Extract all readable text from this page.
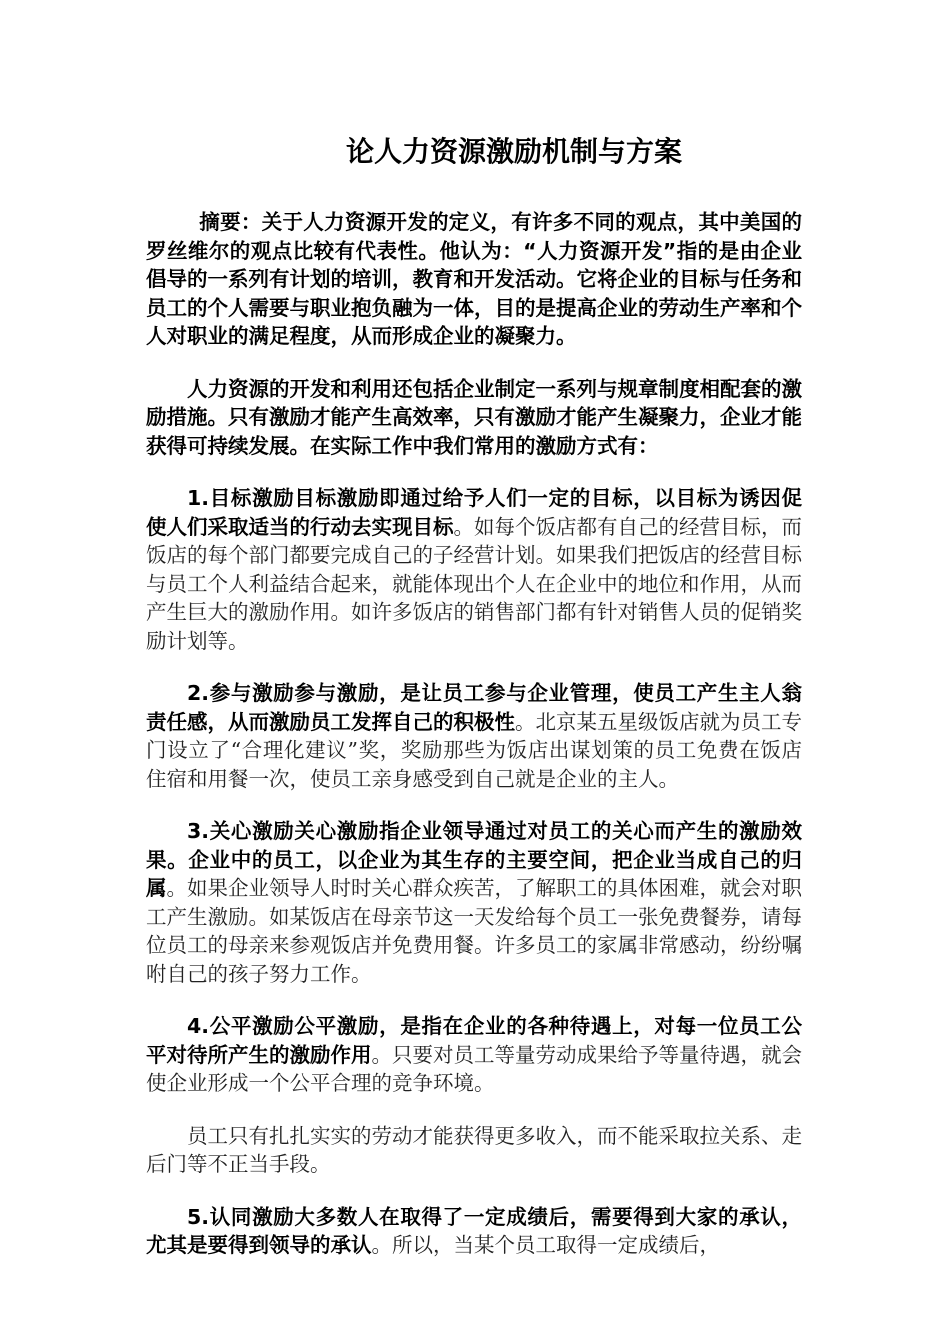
论人力资源激励机制与方案

摘要：关于人力资源开发的定义，有许多不同的观点，其中美国的罗丝维尔的观点比较有代表性。他认为：“人力资源开发”指的是由企业倡导的一系列有计划的培训，教育和开发活动。它将企业的目标与任务和员工的个人需要与职业抱负融为一体，目的是提高企业的劳动生产率和个人对职业的满足程度，从而形成企业的凝聚力。

人力资源的开发和利用还包括企业制定一系列与规章制度相配套的激励措施。只有激励才能产生高效率，只有激励才能产生凝聚力，企业才能获得可持续发展。在实际工作中我们常用的激励方式有：

1.目标激励目标激励即通过给予人们一定的目标，以目标为诱因促使人们采取适当的行动去实现目标。如每个饭店都有自己的经营目标，而饭店的每个部门都要完成自己的子经营计划。如果我们把饭店的经营目标与员工个人利益结合起来，就能体现出个人在企业中的地位和作用，从而产生巨大的激励作用。如许多饭店的销售部门都有针对销售人员的促销奖励计划等。

2.参与激励参与激励，是让员工参与企业管理，使员工产生主人翁责任感，从而激励员工发挥自己的积极性。北京某五星级饭店就为员工专门设立了“合理化建议”奖，奖励那些为饭店出谋划策的员工免费在饭店住宿和用餐一次，使员工亲身感受到自己就是企业的主人。

3.关心激励关心激励指企业领导通过对员工的关心而产生的激励效果。企业中的员工，以企业为其生存的主要空间，把企业当成自己的归属。如果企业领导人时时关心群众疾苦，了解职工的具体困难，就会对职工产生激励。如某饭店在母亲节这一天发给每个员工一张免费餐券，请每位员工的母亲来参观饭店并免费用餐。许多员工的家属非常感动，纷纷嘱咐自己的孩子努力工作。

4.公平激励公平激励，是指在企业的各种待遇上，对每一位员工公平对待所产生的激励作用。只要对员工等量劳动成果给予等量待遇，就会使企业形成一个公平合理的竞争环境。

员工只有扎扎实实的劳动才能获得更多收入，而不能采取拉关系、走后门等不正当手段。

5.认同激励大多数人在取得了一定成绩后，需要得到大家的承认，尤其是要得到领导的承认。所以，当某个员工取得一定成绩后，
